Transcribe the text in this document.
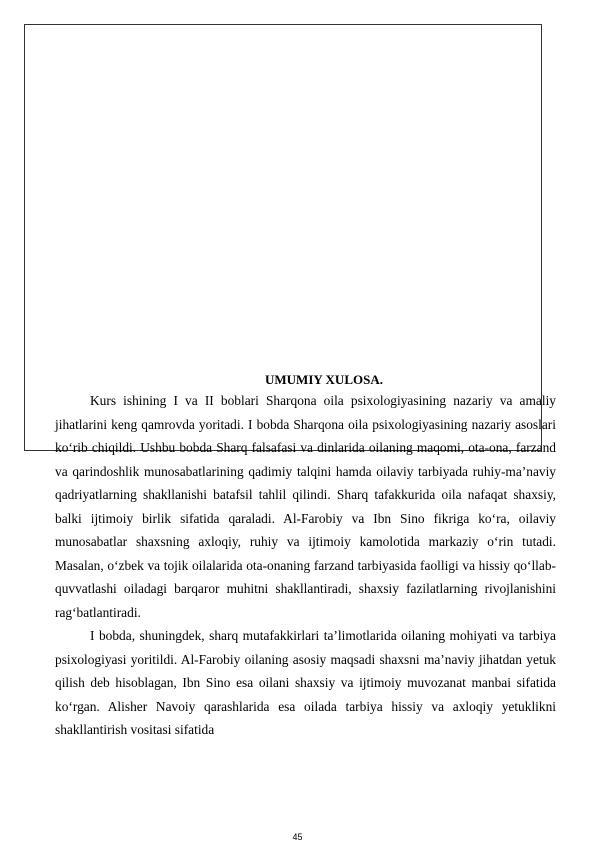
UMUMIY XULOSA.

Kurs ishining I va II boblari Sharqona oila psixologiyasining nazariy va amaliy jihatlarini keng qamrovda yoritadi. I bobda Sharqona oila psixologiyasining nazariy asoslari ko‘rib chiqildi. Ushbu bobda Sharq falsafasi va dinlarida oilaning maqomi, ota-ona, farzand va qarindoshlik munosabatlarining qadimiy talqini hamda oilaviy tarbiyada ruhiy-ma’naviy qadriyatlarning shakllanishi batafsil tahlil qilindi. Sharq tafakkurida oila nafaqat shaxsiy, balki ijtimoiy birlik sifatida qaraladi. Al-Farobiy va Ibn Sino fikriga ko‘ra, oilaviy munosabatlar shaxsning axloqiy, ruhiy va ijtimoiy kamolotida markaziy o‘rin tutadi. Masalan, o‘zbek va tojik oilalarida ota-onaning farzand tarbiyasida faolligi va hissiy qo‘llab-quvvatlashi oiladagi barqaror muhitni shakllantiradi, shaxsiy fazilatlarning rivojlanishini rag‘batlantiradi.

I bobda, shuningdek, sharq mutafakkirlari ta’limotlarida oilaning mohiyati va tarbiya psixologiyasi yoritildi. Al-Farobiy oilaning asosiy maqsadi shaxsni ma’naviy jihatdan yetuk qilish deb hisoblagan, Ibn Sino esa oilani shaxsiy va ijtimoiy muvozanat manbai sifatida ko‘rgan. Alisher Navoiy qarashlarida esa oilada tarbiya hissiy va axloqiy yetuklikni shakllantirish vositasi sifatida

45
